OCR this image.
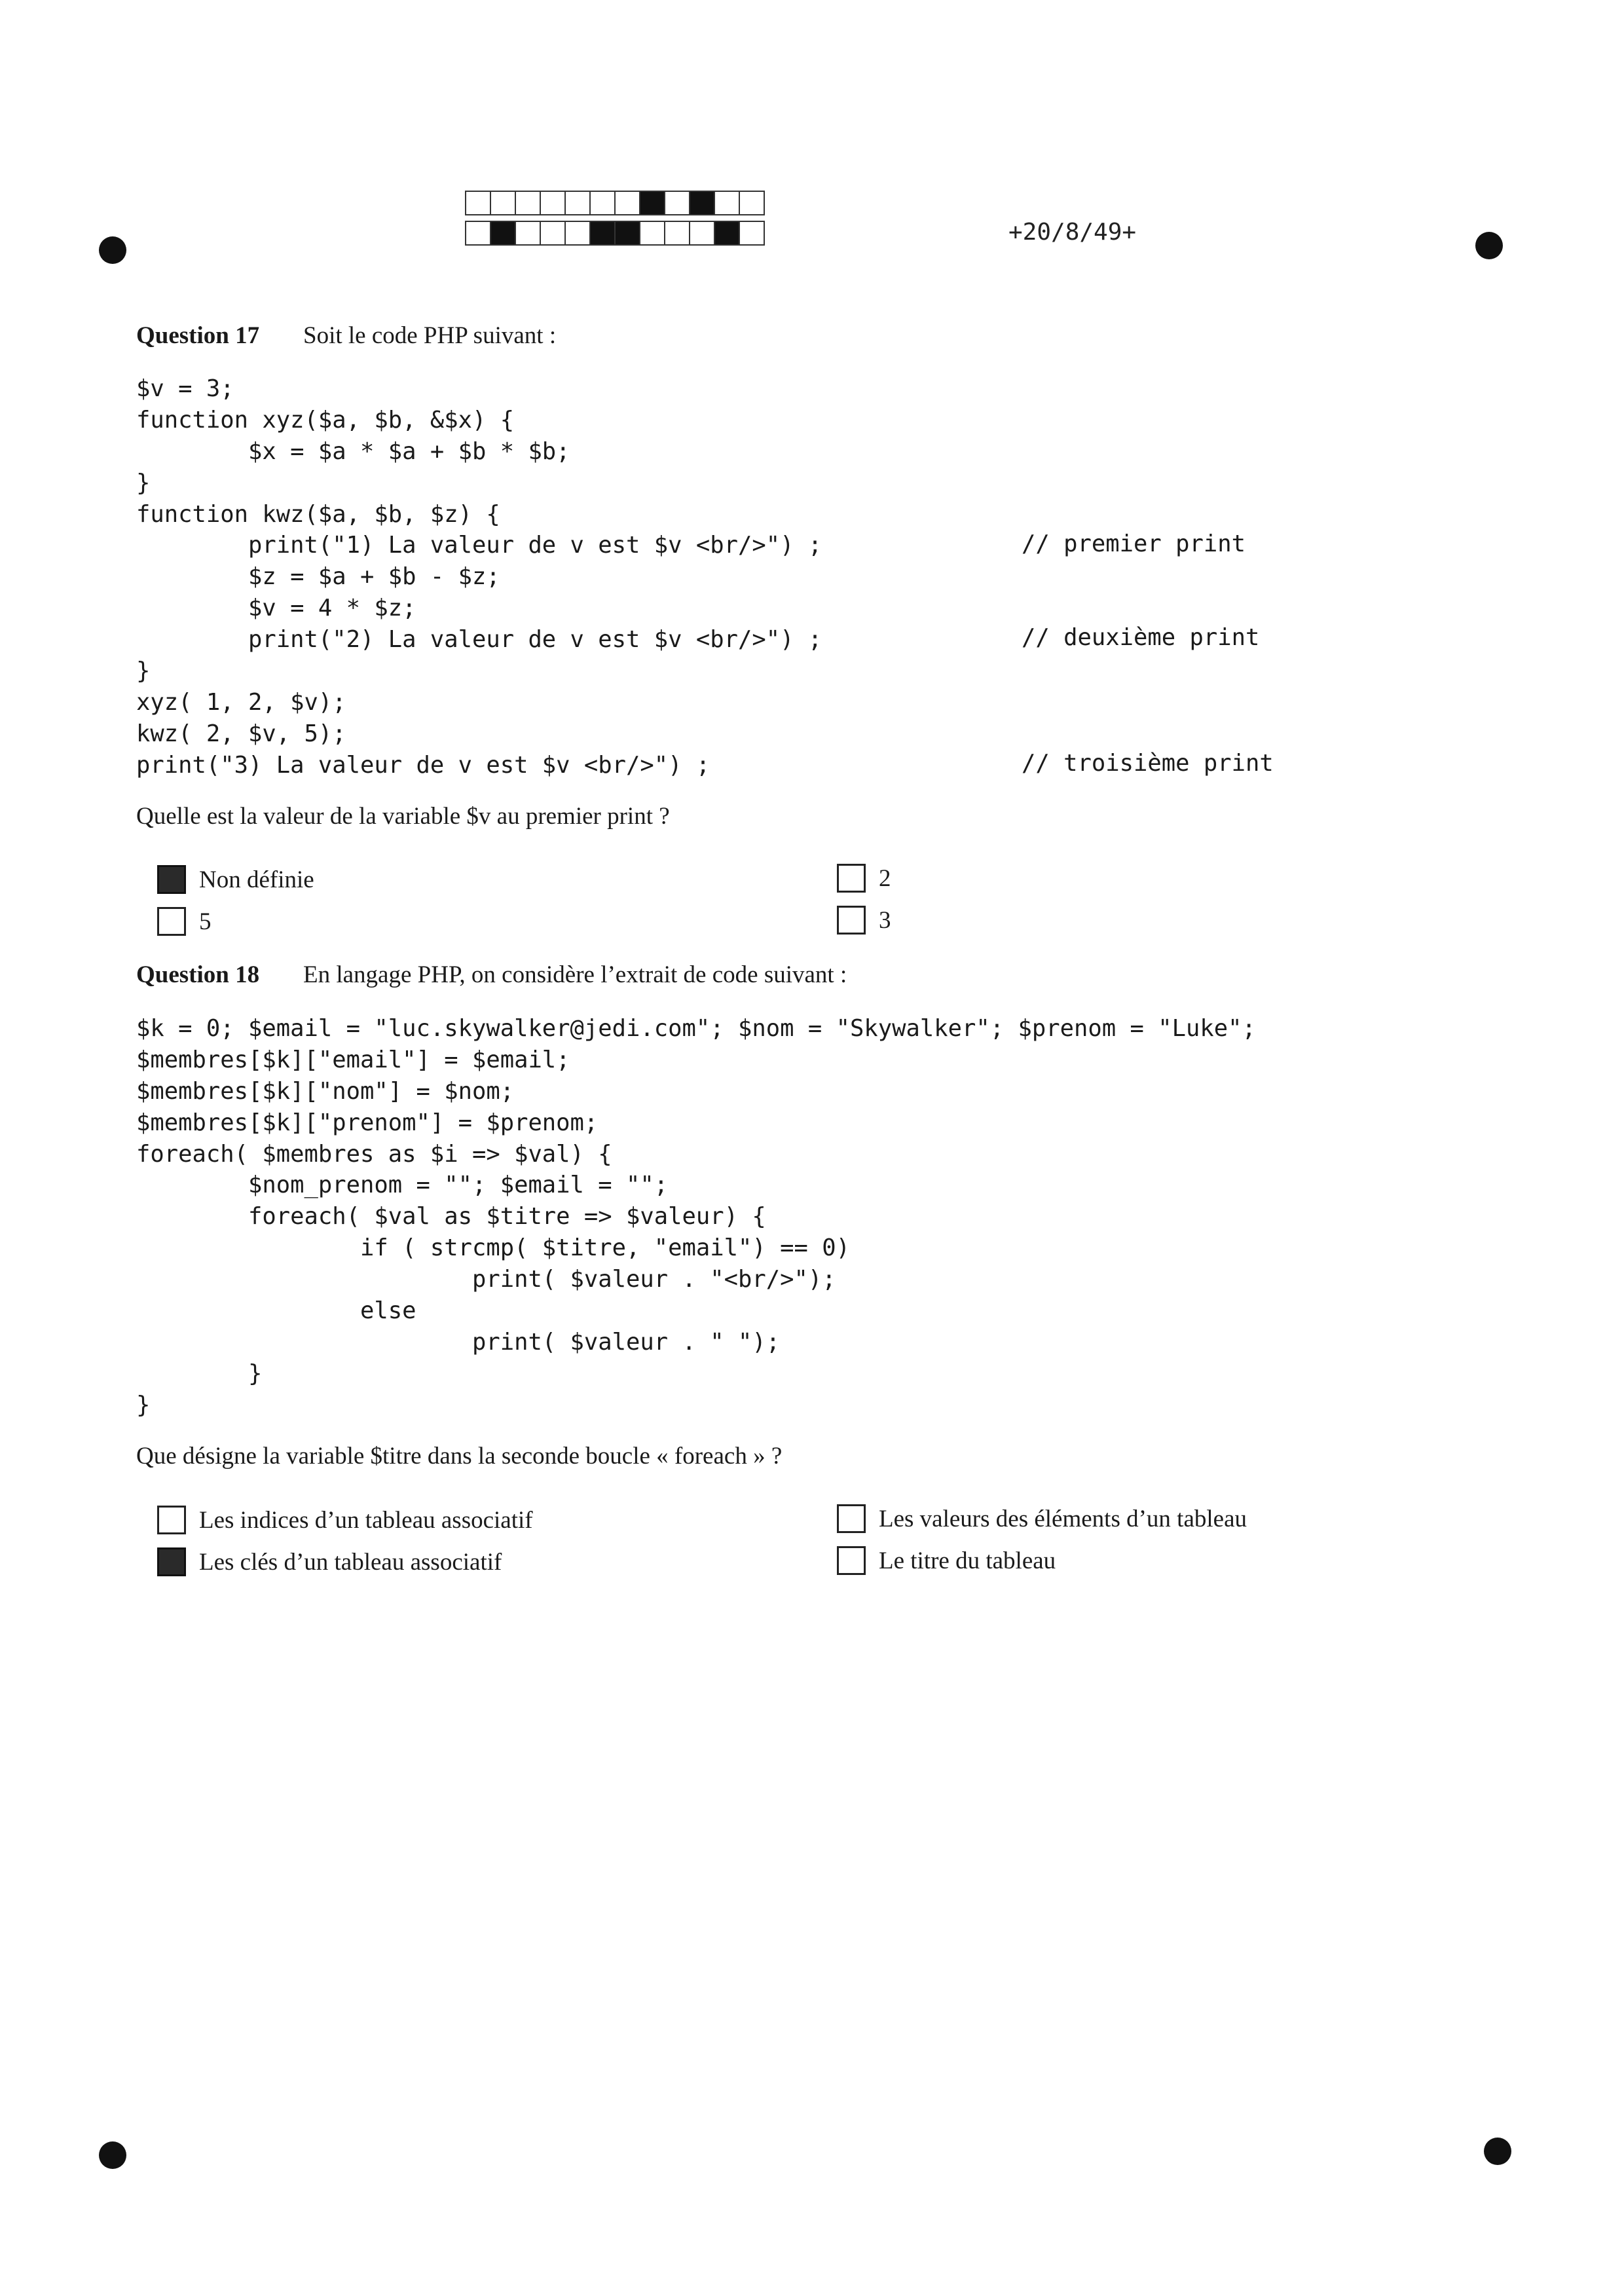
+20/8/49+
Question 17 Soit le code PHP suivant :
$v = 3;
function xyz($a, $b, &$x) {
$x = $a * $a + $b * $b;
}
function kwz($a, $b, $z) {
print("1) La valeur de v est $v <br/>") ;
$z = $a + $b - $z;
$v = 4 * $z;
print("2) La valeur de v est $v <br/>") ;
}
xyz( 1, 2, $v);
kwz( 2, $v, 5);
print("3) La valeur de v est $v <br/>") ;
// premier print
// deuxième print
// troisième print
Quelle est la valeur de la variable $v au premier print ?
Non définie
5
2
3
Question 18 En langage PHP, on considère l’extrait de code suivant :
$k = 0; $email = "luc.skywalker@jedi.com"; $nom = "Skywalker"; $prenom = "Luke";
$membres[$k]["email"] = $email;
$membres[$k]["nom"] = $nom;
$membres[$k]["prenom"] = $prenom;
foreach( $membres as $i => $val) {
$nom_prenom = ""; $email = "";
foreach( $val as $titre => $valeur) {
if ( strcmp( $titre, "email") == 0)
print( $valeur . "<br/>");
else
print( $valeur . " ");
}
}
Que désigne la variable $titre dans la seconde boucle « foreach » ?
Les indices d’un tableau associatif
Les clés d’un tableau associatif
Les valeurs des éléments d’un tableau
Le titre du tableau
